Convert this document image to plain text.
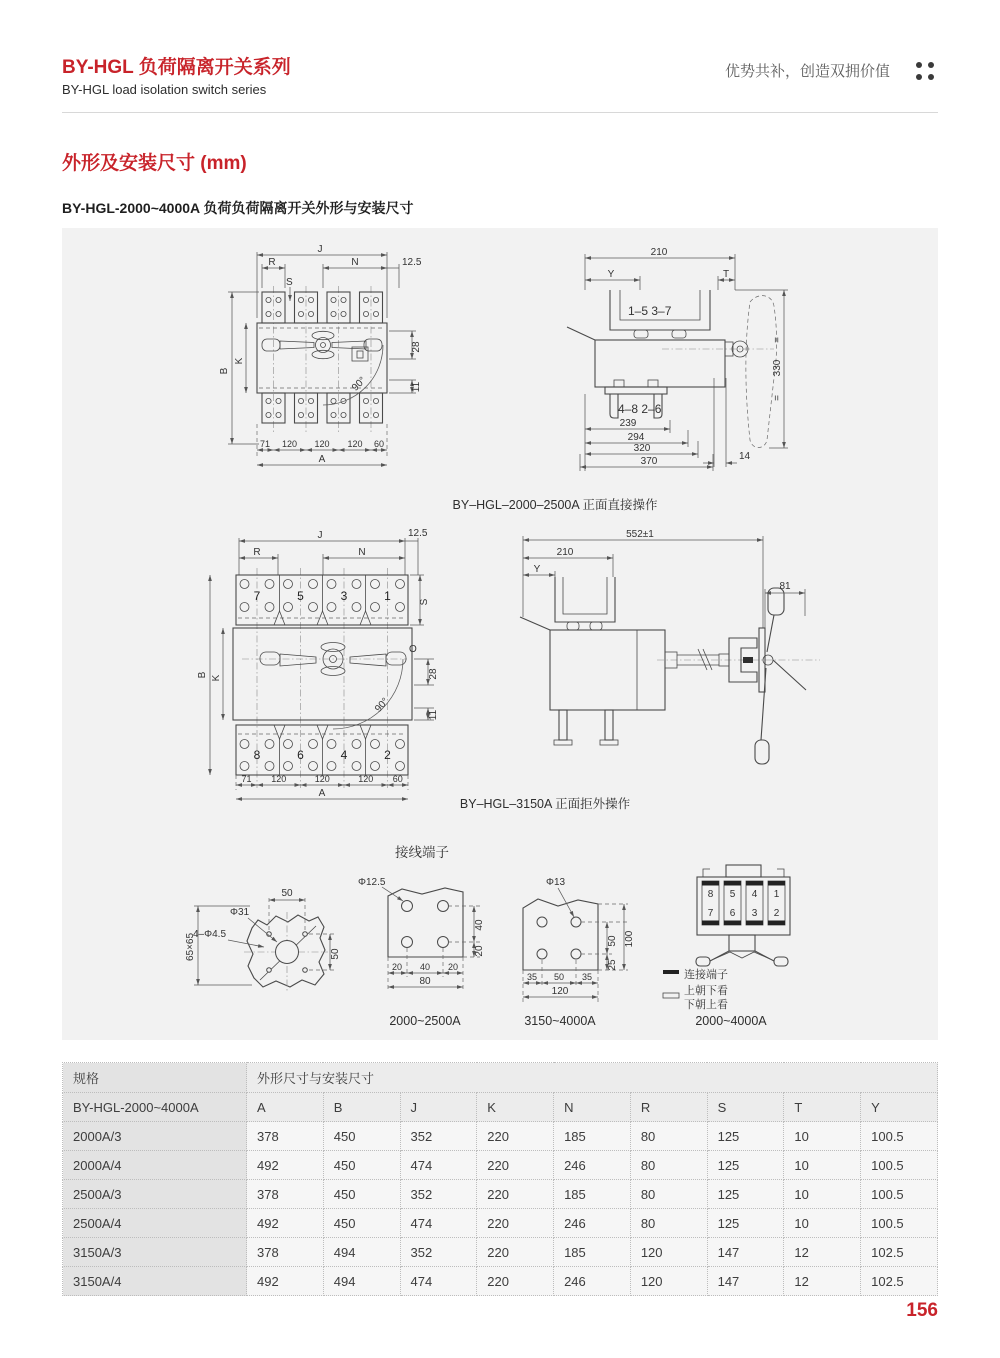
BY-HGL 负荷隔离开关系列
BY-HGL load isolation switch series
优势共补，创造双拥价值
外形及安装尺寸 (mm)
BY-HGL-2000~4000A 负荷负荷隔离开关外形与安装尺寸
90°
J
R	N	12.5
S
B
K
28
11
71 120 120 120 60
A
210
Y	T
1–5 3–7
330
=
=
4–8 2–6
239
294
320
370	14
BY–HGL–2000–2500A 正面直接操作
J	12.5
R	N
7	5	3	1	S
O
90°
B K	28
11
8	6	4	2
71 120	120	120 60
A
552±1
210
Y
81
BY–HGL–3150A 正面拒外操作
接线端子
50
Φ31
4–Φ4.5
65×65	50
Φ12.5
40
20
20 40 20
80
2000~2500A
Φ13
50
25
100
35 50 35
120
3150~4000A
8
7
5
6
4
3
1
2
连接端子
上朝下看
下朝上看
2000~4000A
规格	外形尺寸与安装尺寸								
BY-HGL-2000~4000A	A	B	J	K	N	R	S	T	Y
2000A/3	378	450	352	220	185	80	125	10	100.5
2000A/4	492	450	474	220	246	80	125	10	100.5
2500A/3	378	450	352	220	185	80	125	10	100.5
2500A/4	492	450	474	220	246	80	125	10	100.5
3150A/3	378	494	352	220	185	120	147	12	102.5
3150A/4	492	494	474	220	246	120	147	12	102.5
156
